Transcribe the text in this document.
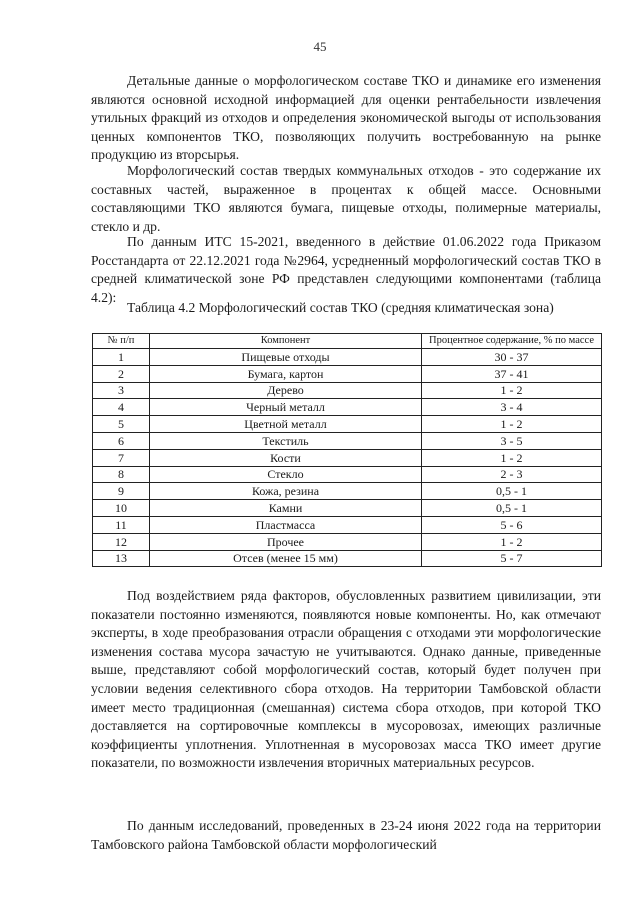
45

Детальные данные о морфологическом составе ТКО и динамике его изменения являются основной исходной информацией для оценки рентабельности извлечения утильных фракций из отходов и определения экономической выгоды от использования ценных компонентов ТКО, позволяющих получить востребованную на рынке продукцию из вторсырья.

Морфологический состав твердых коммунальных отходов - это содержание их составных частей, выраженное в процентах к общей массе. Основными составляющими ТКО являются бумага, пищевые отходы, полимерные материалы, стекло и др.

По данным ИТС 15-2021, введенного в действие 01.06.2022 года Приказом Росстандарта от 22.12.2021 года №2964, усредненный морфологический состав ТКО в средней климатической зоне РФ представлен следующими компонентами (таблица 4.2):

Таблица 4.2 Морфологический состав ТКО (средняя климатическая зона)

№ п/п	Компонент	Процентное содержание, % по массе
1	Пищевые отходы	30 - 37
2	Бумага, картон	37 - 41
3	Дерево	1 - 2
4	Черный металл	3 - 4
5	Цветной металл	1 - 2
6	Текстиль	3 - 5
7	Кости	1 - 2
8	Стекло	2 - 3
9	Кожа, резина	0,5 - 1
10	Камни	0,5 - 1
11	Пластмасса	5 - 6
12	Прочее	1 - 2
13	Отсев (менее 15 мм)	5 - 7

Под воздействием ряда факторов, обусловленных развитием цивилизации, эти показатели постоянно изменяются, появляются новые компоненты. Но, как отмечают эксперты, в ходе преобразования отрасли обращения с отходами эти морфологические изменения состава мусора зачастую не учитываются. Однако данные, приведенные выше, представляют собой морфологический состав, который будет получен при условии ведения селективного сбора отходов. На территории Тамбовской области имеет место традиционная (смешанная) система сбора отходов, при которой ТКО доставляется на сортировочные комплексы в мусоровозах, имеющих различные коэффициенты уплотнения. Уплотненная в мусоровозах масса ТКО имеет другие показатели, по возможности извлечения вторичных материальных ресурсов.

По данным исследований, проведенных в 23-24 июня 2022 года на территории Тамбовского района Тамбовской области морфологический
